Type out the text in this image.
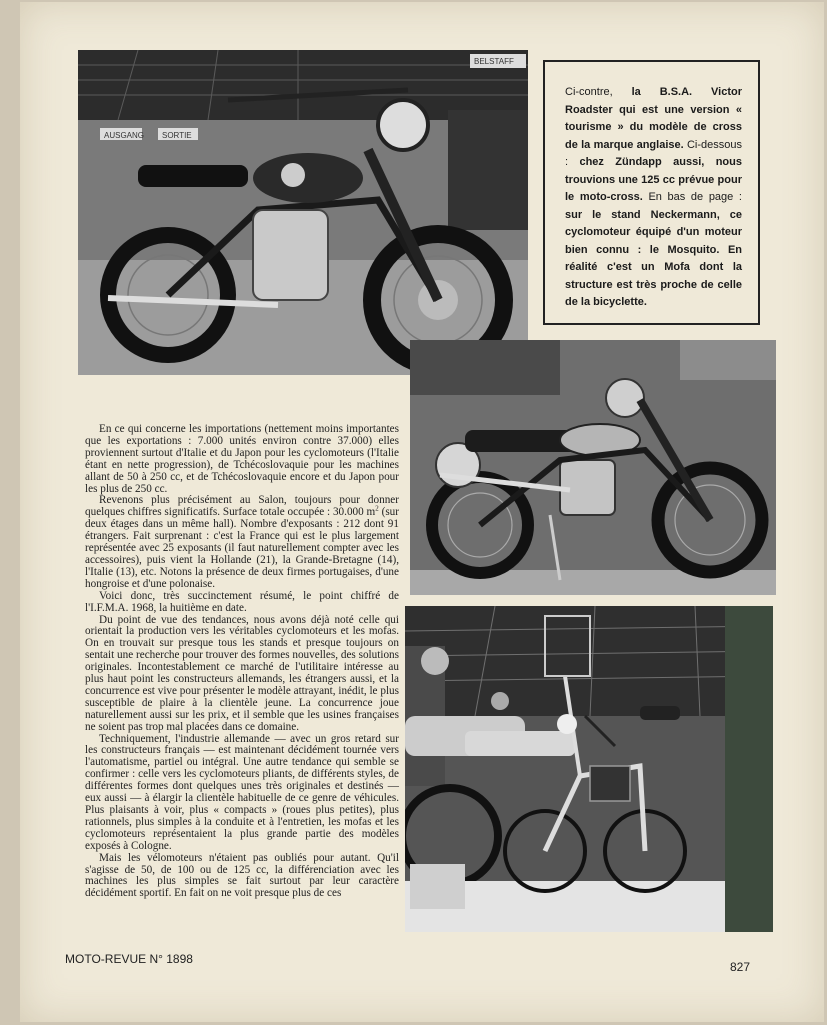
AUSGANG SORTIE
BELSTAFF
Ci-contre, la B.S.A. Victor Roadster qui est une version « tourisme » du modèle de cross de la marque anglaise. Ci-dessous : chez Zündapp aussi, nous trouvions une 125 cc prévue pour le moto-cross. En bas de page : sur le stand Neckermann, ce cyclomoteur équipé d'un moteur bien connu : le Mosquito. En réalité c'est un Mofa dont la structure est très proche de celle de la bicyclette.

En ce qui concerne les importations (nettement moins importantes que les exportations : 7.000 unités environ contre 37.000) elles proviennent surtout d'Italie et du Japon pour les cyclomoteurs (l'Italie étant en nette progression), de Tchécoslovaquie pour les machines allant de 50 à 250 cc, et de Tchécoslovaquie encore et du Japon pour les plus de 250 cc.

Revenons plus précisément au Salon, toujours pour donner quelques chiffres significatifs. Surface totale occupée : 30.000 $m^2$ (sur deux étages dans un même hall). Nombre d'exposants : 212 dont 91 étrangers. Fait surprenant : c'est la France qui est le plus largement représentée avec 25 exposants (il faut naturellement compter avec les accessoires), puis vient la Hollande (21), la Grande-Bretagne (14), l'Italie (13), etc. Notons la présence de deux firmes portugaises, d'une hongroise et d'une polonaise.

Voici donc, très succinctement résumé, le point chiffré de l'I.F.M.A. 1968, la huitième en date.

Du point de vue des tendances, nous avons déjà noté celle qui orientait la production vers les véritables cyclomoteurs et les mofas. On en trouvait sur presque tous les stands et presque toujours on sentait une recherche pour trouver des formes nouvelles, des solutions originales. Incontestablement ce marché de l'utilitaire intéresse au plus haut point les constructeurs allemands, les étrangers aussi, et la concurrence est vive pour présenter le modèle attrayant, inédit, le plus susceptible de plaire à la clientèle jeune. La concurrence joue naturellement aussi sur les prix, et il semble que les usines françaises ne soient pas trop mal placées dans ce domaine.

Techniquement, l'industrie allemande — avec un gros retard sur les constructeurs français — est maintenant décidément tournée vers l'automatisme, partiel ou intégral. Une autre tendance qui semble se confirmer : celle vers les cyclomoteurs pliants, de différents styles, de différentes formes dont quelques unes très originales et destinés — eux aussi — à élargir la clientèle habituelle de ce genre de véhicules. Plus plaisants à voir, plus « compacts » (roues plus petites), plus rationnels, plus simples à la conduite et à l'entretien, les mofas et les cyclomoteurs représentaient la plus grande partie des modèles exposés à Cologne.

Mais les vélomoteurs n'étaient pas oubliés pour autant. Qu'il s'agisse de 50, de 100 ou de 125 cc, la différenciation avec les machines les plus simples se fait surtout par leur caractère décidément sportif. En fait on ne voit presque plus de ces

MOTO-REVUE N° 1898
827
